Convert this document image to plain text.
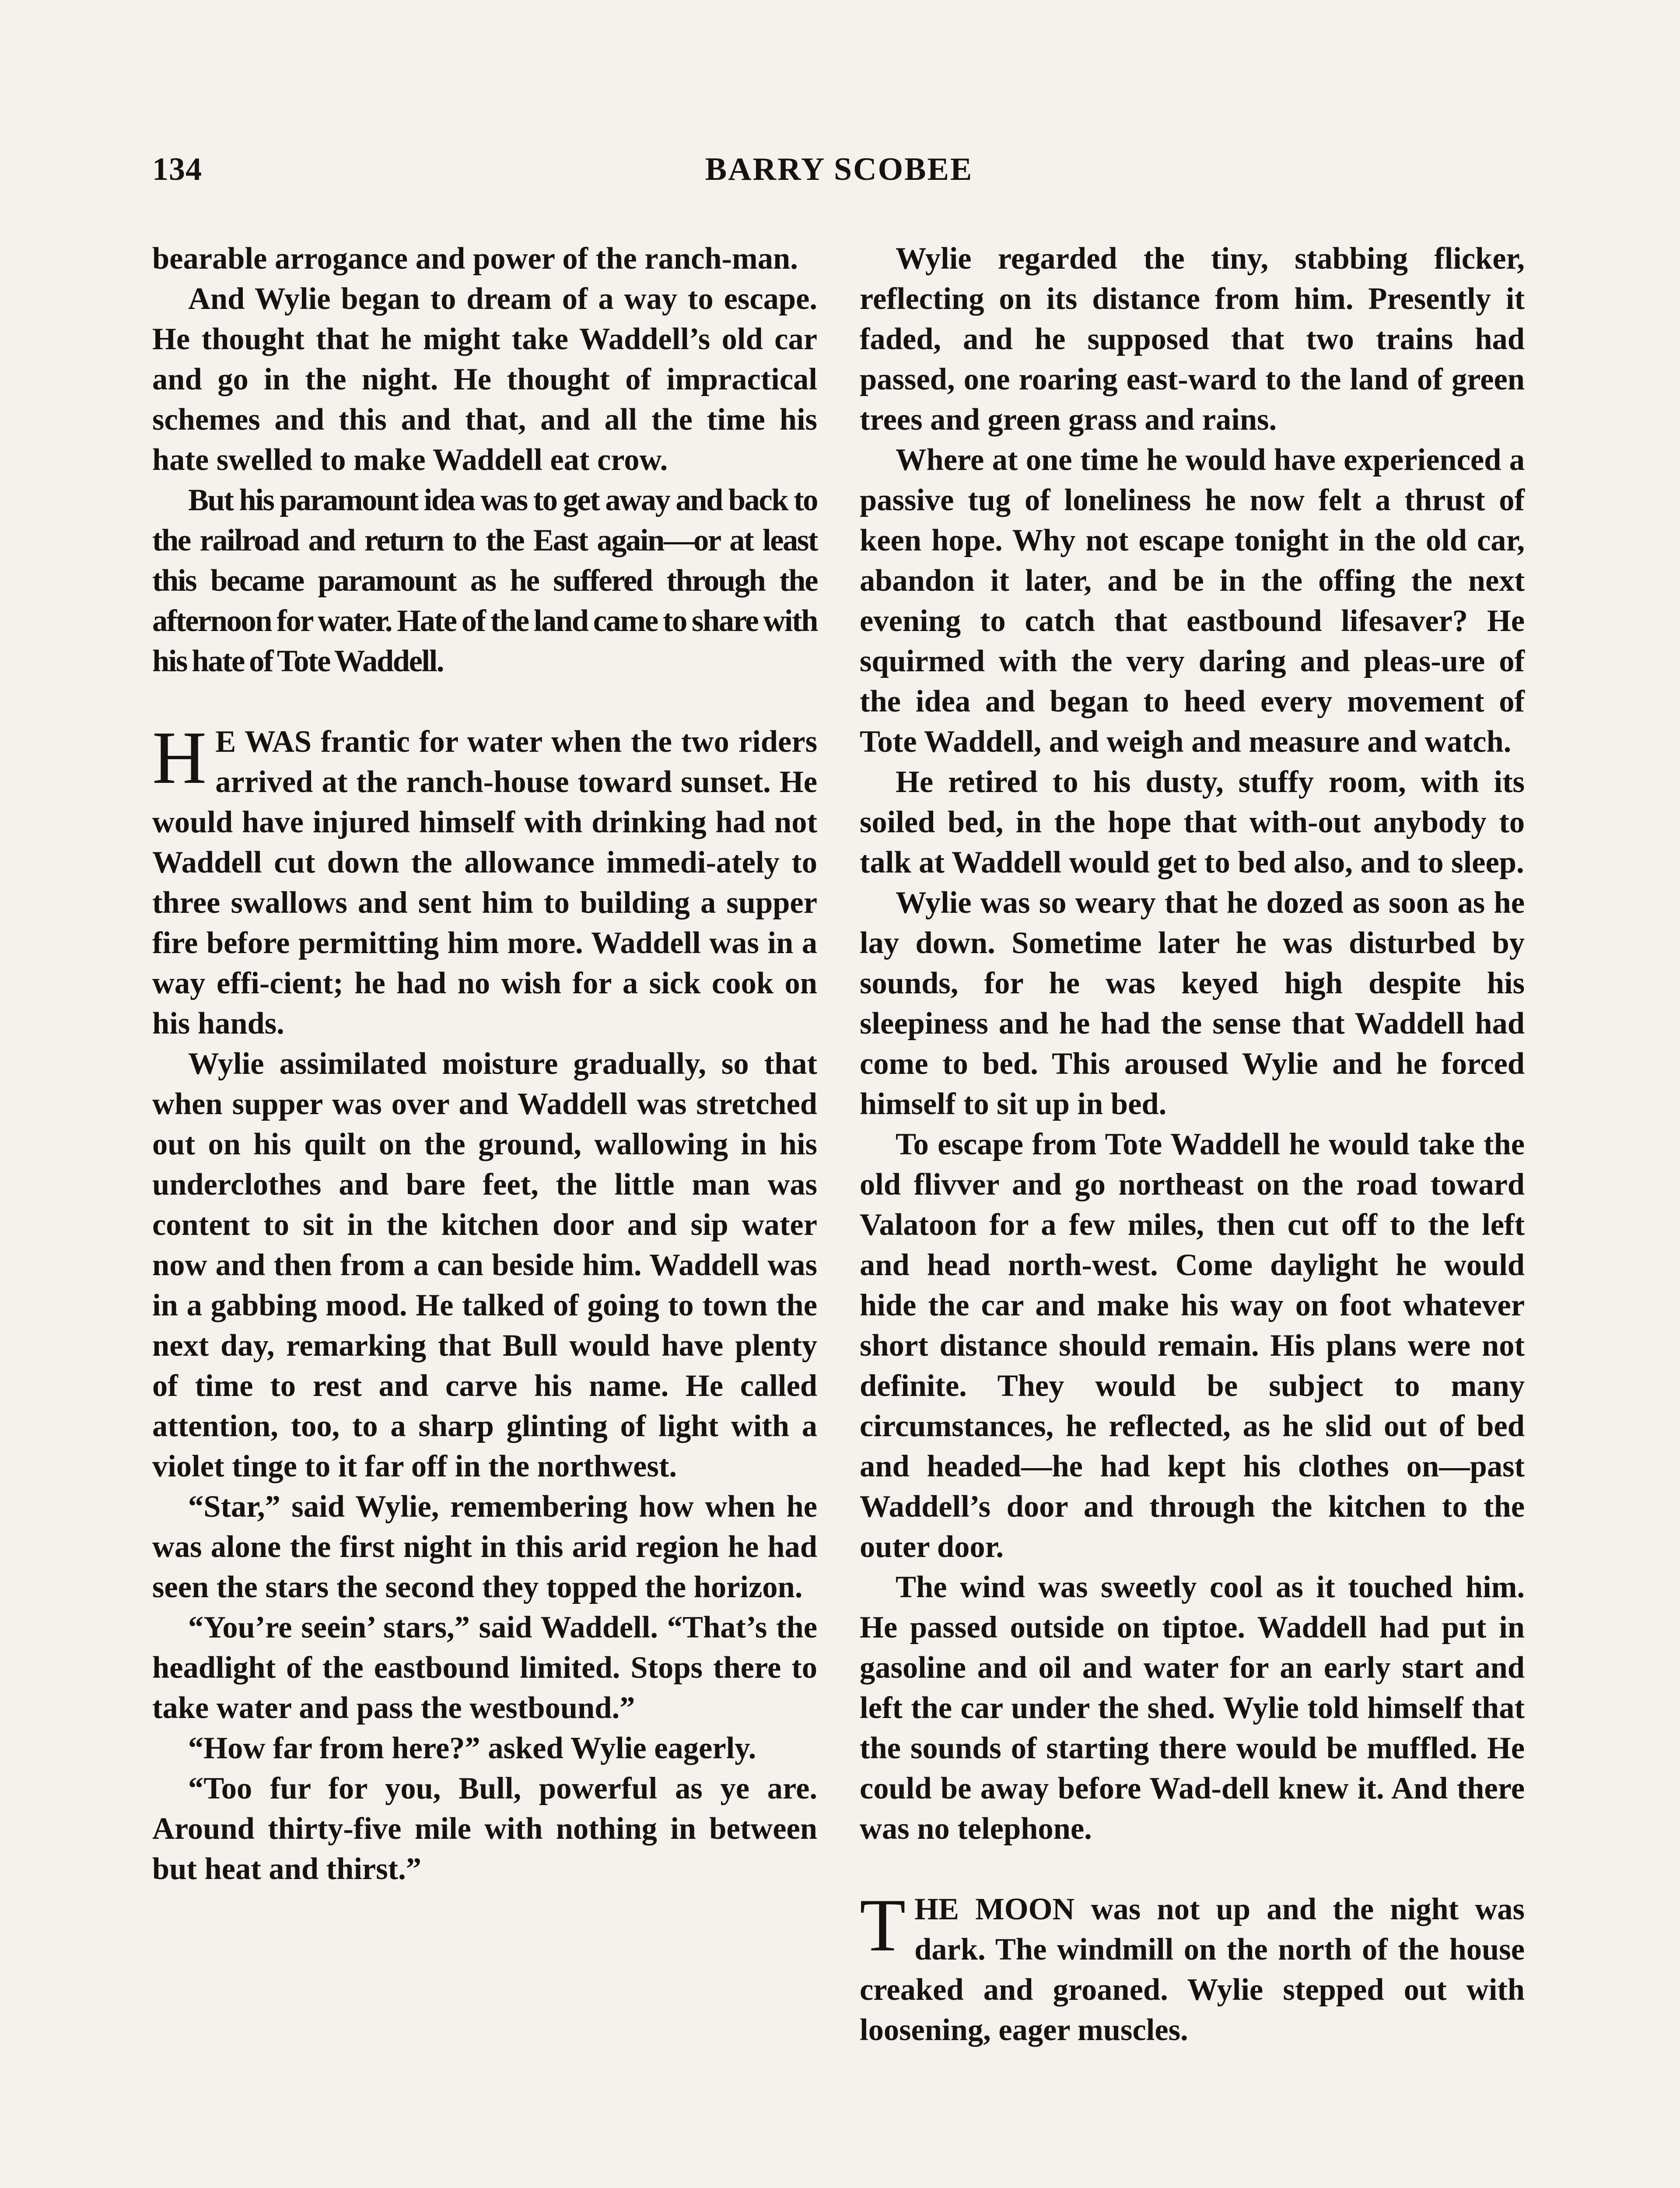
134	BARRY SCOBEE

bearable arrogance and power of the ranch-man.

And Wylie began to dream of a way to escape. He thought that he might take Waddell’s old car and go in the night. He thought of impractical schemes and this and that, and all the time his hate swelled to make Waddell eat crow.

But his paramount idea was to get away and back to the railroad and return to the East again—or at least this became paramount as he suffered through the afternoon for water. Hate of the land came to share with his hate of Tote Waddell.

H E WAS frantic for water when the two riders arrived at the ranch-house toward sunset. He would have injured himself with drinking had not Waddell cut down the allowance immedi-ately to three swallows and sent him to building a supper fire before permitting him more. Waddell was in a way effi-cient; he had no wish for a sick cook on his hands.

Wylie assimilated moisture gradually, so that when supper was over and Waddell was stretched out on his quilt on the ground, wallowing in his underclothes and bare feet, the little man was content to sit in the kitchen door and sip water now and then from a can beside him. Waddell was in a gabbing mood. He talked of going to town the next day, remarking that Bull would have plenty of time to rest and carve his name. He called attention, too, to a sharp glinting of light with a violet tinge to it far off in the northwest.

“Star,” said Wylie, remembering how when he was alone the first night in this arid region he had seen the stars the second they topped the horizon.

“You’re seein’ stars,” said Waddell. “That’s the headlight of the eastbound limited. Stops there to take water and pass the westbound.”

“How far from here?” asked Wylie eagerly.

“Too fur for you, Bull, powerful as ye are. Around thirty-five mile with nothing in between but heat and thirst.”

Wylie regarded the tiny, stabbing flicker, reflecting on its distance from him. Presently it faded, and he supposed that two trains had passed, one roaring east-ward to the land of green trees and green grass and rains.

Where at one time he would have experienced a passive tug of loneliness he now felt a thrust of keen hope. Why not escape tonight in the old car, abandon it later, and be in the offing the next evening to catch that eastbound lifesaver? He squirmed with the very daring and pleas-ure of the idea and began to heed every movement of Tote Waddell, and weigh and measure and watch.

He retired to his dusty, stuffy room, with its soiled bed, in the hope that with-out anybody to talk at Waddell would get to bed also, and to sleep.

Wylie was so weary that he dozed as soon as he lay down. Sometime later he was disturbed by sounds, for he was keyed high despite his sleepiness and he had the sense that Waddell had come to bed. This aroused Wylie and he forced himself to sit up in bed.

To escape from Tote Waddell he would take the old flivver and go northeast on the road toward Valatoon for a few miles, then cut off to the left and head north-west. Come daylight he would hide the car and make his way on foot whatever short distance should remain. His plans were not definite. They would be subject to many circumstances, he reflected, as he slid out of bed and headed—he had kept his clothes on—past Waddell’s door and through the kitchen to the outer door.

The wind was sweetly cool as it touched him. He passed outside on tiptoe. Waddell had put in gasoline and oil and water for an early start and left the car under the shed. Wylie told himself that the sounds of starting there would be muffled. He could be away before Wad-dell knew it. And there was no telephone.

THE MOON was not up and the night was dark. The windmill on the north of the house creaked and groaned. Wylie stepped out with loosening, eager muscles.
